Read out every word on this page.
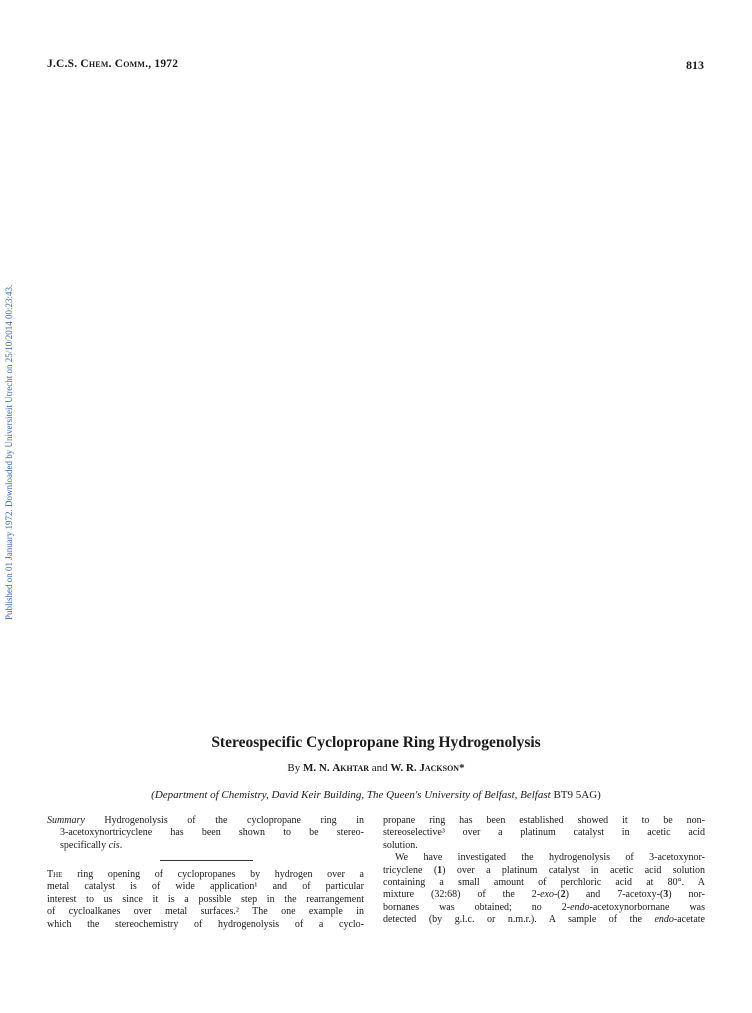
J.C.S. Chem. Comm., 1972	813
Published on 01 January 1972. Downloaded by Universiteit Utrecht on 25/10/2014 00:23:43.
Stereospecific Cyclopropane Ring Hydrogenolysis
By M. N. Akhtar and W. R. Jackson*
(Department of Chemistry, David Keir Building, The Queen's University of Belfast, Belfast BT9 5AG)
Summary Hydrogenolysis of the cyclopropane ring in
3-acetoxynortricyclene has been shown to be stereo-
specifically cis.
The ring opening of cyclopropanes by hydrogen over a
metal catalyst is of wide application¹ and of particular
interest to us since it is a possible step in the rearrangement
of cycloalkanes over metal surfaces.² The one example in
which the stereochemistry of hydrogenolysis of a cyclo-
propane ring has been established showed it to be non-
stereoselective³ over a platinum catalyst in acetic acid
solution.
We have investigated the hydrogenolysis of 3-acetoxynor-
tricyclene (1) over a platinum catalyst in acetic acid solution
containing a small amount of perchloric acid at 80°. A
mixture (32:68) of the 2-exo-(2) and 7-acetoxy-(3) nor-
bornanes was obtained; no 2-endo-acetoxynorbornane was
detected (by g.l.c. or n.m.r.). A sample of the endo-acetate
